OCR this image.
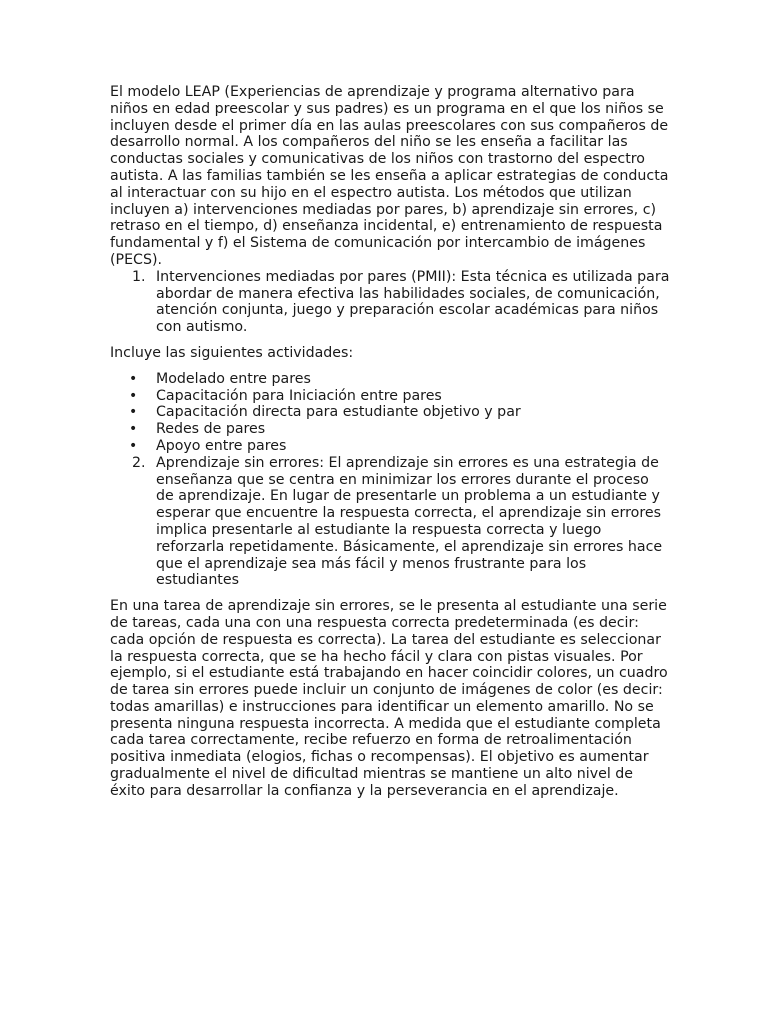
El modelo LEAP (Experiencias de aprendizaje y programa alternativo para niños en edad preescolar y sus padres) es un programa en el que los niños se incluyen desde el primer día en las aulas preescolares con sus compañeros de desarrollo normal. A los compañeros del niño se les enseña a facilitar las conductas sociales y comunicativas de los niños con trastorno del espectro autista. A las familias también se les enseña a aplicar estrategias de conducta al interactuar con su hijo en el espectro autista. Los métodos que utilizan incluyen a) intervenciones mediadas por pares, b) aprendizaje sin errores, c) retraso en el tiempo, d) enseñanza incidental, e) entrenamiento de respuesta fundamental y f) el Sistema de comunicación por intercambio de imágenes (PECS).

1. Intervenciones mediadas por pares (PMII): Esta técnica es utilizada para abordar de manera efectiva las habilidades sociales, de comunicación, atención conjunta, juego y preparación escolar académicas para niños con autismo.

Incluye las siguientes actividades:

• Modelado entre pares
• Capacitación para Iniciación entre pares
• Capacitación directa para estudiante objetivo y par
• Redes de pares
• Apoyo entre pares
2. Aprendizaje sin errores: El aprendizaje sin errores es una estrategia de enseñanza que se centra en minimizar los errores durante el proceso de aprendizaje. En lugar de presentarle un problema a un estudiante y esperar que encuentre la respuesta correcta, el aprendizaje sin errores implica presentarle al estudiante la respuesta correcta y luego reforzarla repetidamente. Básicamente, el aprendizaje sin errores hace que el aprendizaje sea más fácil y menos frustrante para los estudiantes

En una tarea de aprendizaje sin errores, se le presenta al estudiante una serie de tareas, cada una con una respuesta correcta predeterminada (es decir: cada opción de respuesta es correcta). La tarea del estudiante es seleccionar la respuesta correcta, que se ha hecho fácil y clara con pistas visuales. Por ejemplo, si el estudiante está trabajando en hacer coincidir colores, un cuadro de tarea sin errores puede incluir un conjunto de imágenes de color (es decir: todas amarillas) e instrucciones para identificar un elemento amarillo. No se presenta ninguna respuesta incorrecta. A medida que el estudiante completa cada tarea correctamente, recibe refuerzo en forma de retroalimentación positiva inmediata (elogios, fichas o recompensas). El objetivo es aumentar gradualmente el nivel de dificultad mientras se mantiene un alto nivel de éxito para desarrollar la confianza y la perseverancia en el aprendizaje.
